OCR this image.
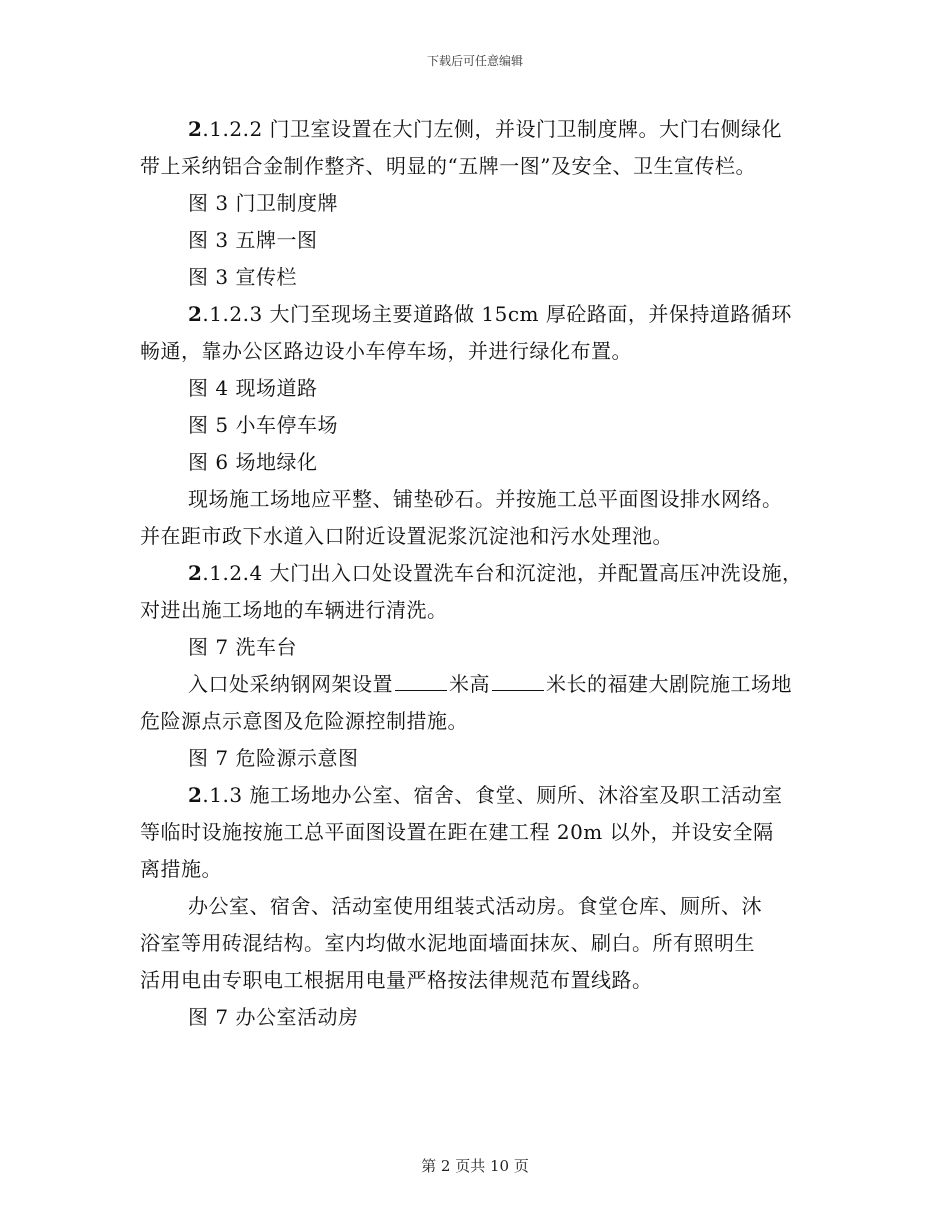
下载后可任意编辑
2.1.2.2 门卫室设置在大门左侧，并设门卫制度牌。大门右侧绿化
带上采纳铝合金制作整齐、明显的“五牌一图”及安全、卫生宣传栏。
图 3 门卫制度牌
图 3 五牌一图
图 3 宣传栏
2.1.2.3 大门至现场主要道路做 15cm 厚砼路面，并保持道路循环
畅通，靠办公区路边设小车停车场，并进行绿化布置。
图 4 现场道路
图 5 小车停车场
图 6 场地绿化
现场施工场地应平整、铺垫砂石。并按施工总平面图设排水网络。
并在距市政下水道入口附近设置泥浆沉淀池和污水处理池。
2.1.2.4 大门出入口处设置洗车台和沉淀池，并配置高压冲洗设施，
对进出施工场地的车辆进行清洗。
图 7 洗车台
入口处采纳钢网架设置	米高	米长的福建大剧院施工场地
危险源点示意图及危险源控制措施。
图 7 危险源示意图
2.1.3 施工场地办公室、宿舍、食堂、厕所、沐浴室及职工活动室
等临时设施按施工总平面图设置在距在建工程 20m 以外，并设安全隔
离措施。
办公室、宿舍、活动室使用组装式活动房。食堂仓库、厕所、沐
浴室等用砖混结构。室内均做水泥地面墙面抹灰、刷白。所有照明生
活用电由专职电工根据用电量严格按法律规范布置线路。
图 7 办公室活动房
第 2 页共 10 页
